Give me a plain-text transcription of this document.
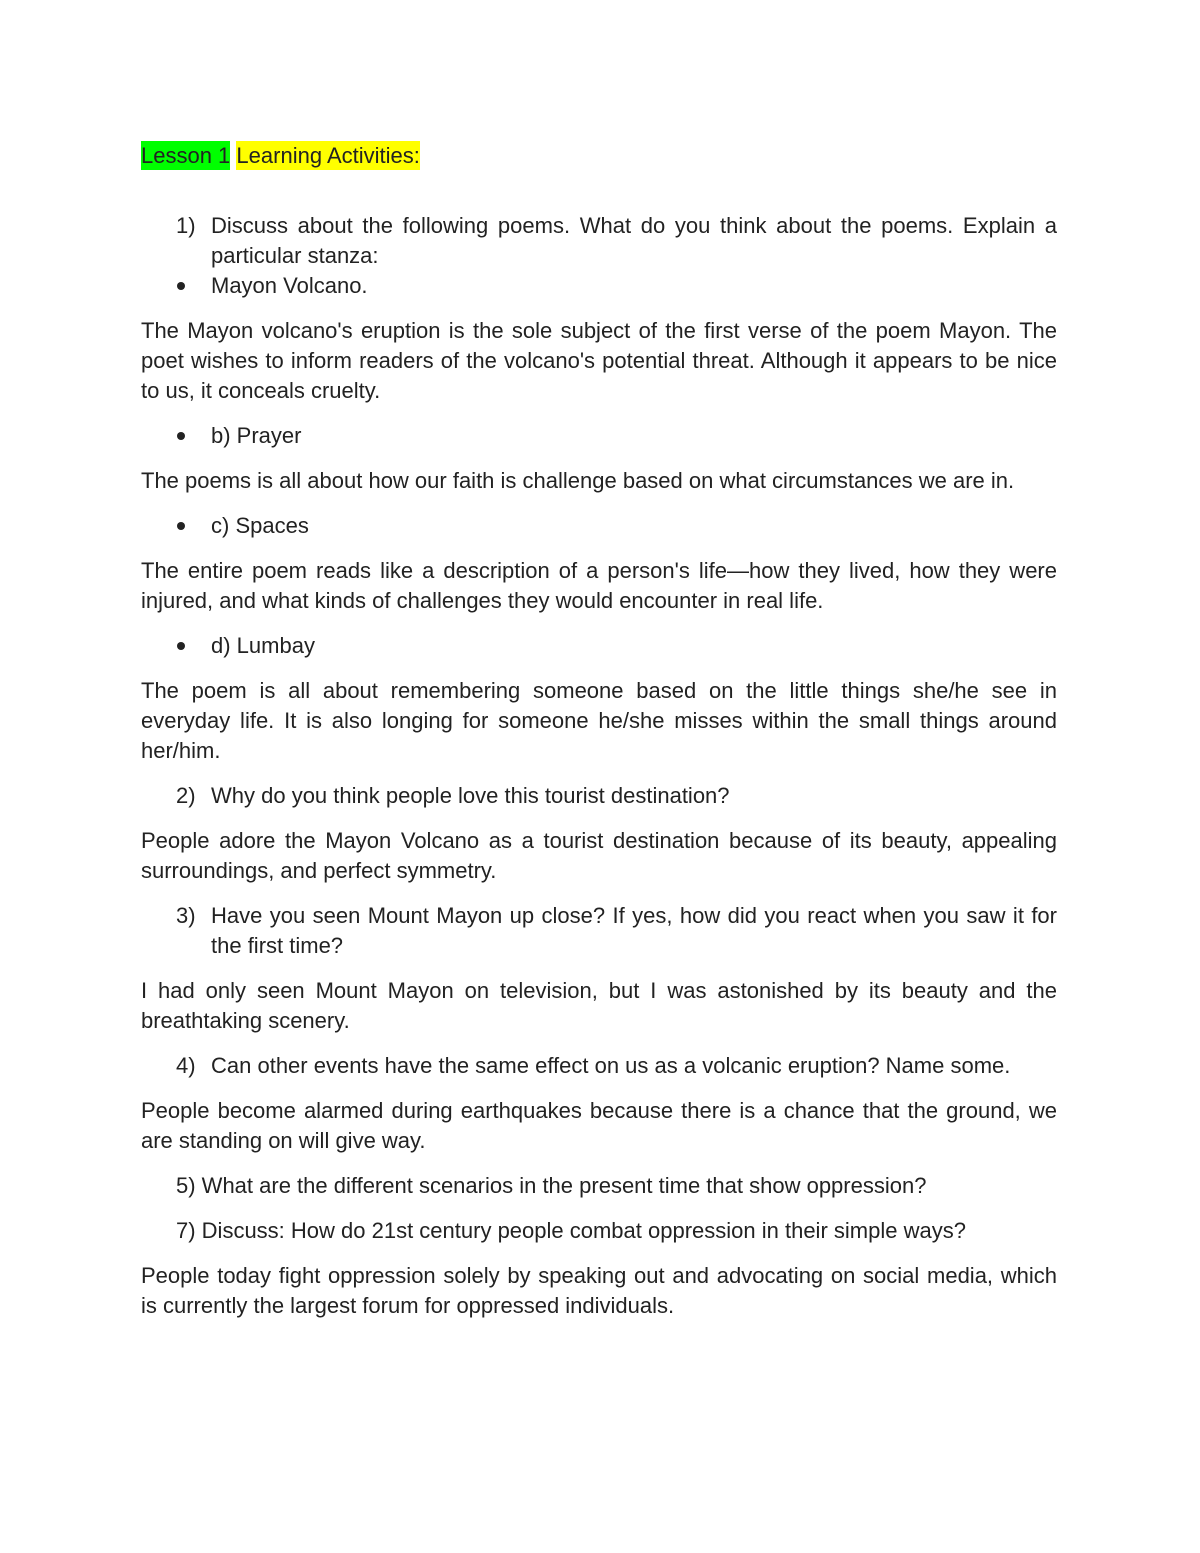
Lesson 1 Learning Activities:
1) Discuss about the following poems. What do you think about the poems. Explain a particular stanza:
Mayon Volcano.

The Mayon volcano's eruption is the sole subject of the first verse of the poem Mayon. The poet wishes to inform readers of the volcano's potential threat. Although it appears to be nice to us, it conceals cruelty.

b) Prayer

The poems is all about how our faith is challenge based on what circumstances we are in.

c) Spaces

The entire poem reads like a description of a person's life—how they lived, how they were injured, and what kinds of challenges they would encounter in real life.

d) Lumbay

The poem is all about remembering someone based on the little things she/he see in everyday life. It is also longing for someone he/she misses within the small things around her/him.

2) Why do you think people love this tourist destination?

People adore the Mayon Volcano as a tourist destination because of its beauty, appealing surroundings, and perfect symmetry.

3) Have you seen Mount Mayon up close? If yes, how did you react when you saw it for the first time?

I had only seen Mount Mayon on television, but I was astonished by its beauty and the breathtaking scenery.

4) Can other events have the same effect on us as a volcanic eruption? Name some.

People become alarmed during earthquakes because there is a chance that the ground, we are standing on will give way.

5) What are the different scenarios in the present time that show oppression?
7) Discuss: How do 21st century people combat oppression in their simple ways?

People today fight oppression solely by speaking out and advocating on social media, which is currently the largest forum for oppressed individuals.
